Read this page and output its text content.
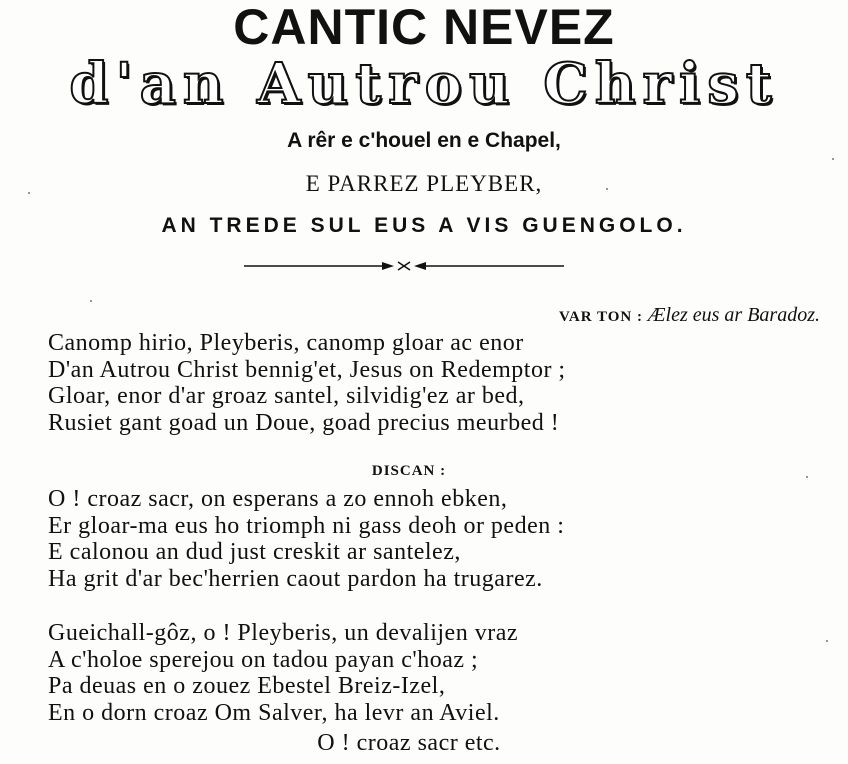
CANTIC NEVEZ
d'an Autrou Christ
A rêr e c'houel en e Chapel,
E PARREZ PLEYBER,
AN TREDE SUL EUS A VIS GUENGOLO.
VAR TON : Ælez eus ar Baradoz.
Canomp hirio, Pleyberis, canomp gloar ac enor
D'an Autrou Christ bennig'et, Jesus on Redemptor ;
Gloar, enor d'ar groaz santel, silvidig'ez ar bed,
Rusiet gant goad un Doue, goad precius meurbed !
DISCAN :
O ! croaz sacr, on esperans a zo ennoh ebken,
Er gloar-ma eus ho triomph ni gass deoh or peden :
E calonou an dud just creskit ar santelez,
Ha grit d'ar bec'herrien caout pardon ha trugarez.
Gueichall-gôz, o ! Pleyberis, un devalijen vraz
A c'holoe sperejou on tadou payan c'hoaz ;
Pa deuas en o zouez Ebestel Breiz-Izel,
En o dorn croaz Om Salver, ha levr an Aviel.
O ! croaz sacr etc.
